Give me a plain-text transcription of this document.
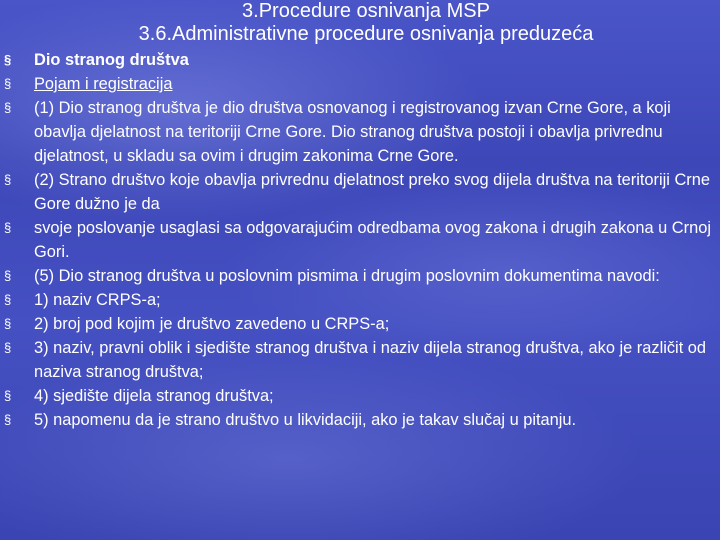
3.Procedure osnivanja MSP
3.6.Administrativne procedure osnivanja preduzeća
§ Dio stranog društva
§ Pojam i registracija
§ (1) Dio stranog društva je dio društva osnovanog i registrovanog izvan Crne Gore, a koji obavlja djelatnost na teritoriji Crne Gore. Dio stranog društva postoji i obavlja privrednu djelatnost, u skladu sa ovim i drugim zakonima Crne Gore.
§ (2) Strano društvo koje obavlja privrednu djelatnost preko svog dijela društva na teritoriji Crne Gore dužno je da
§ svoje poslovanje usaglasi sa odgovarajućim odredbama ovog zakona i drugih zakona u Crnoj Gori.
§ (5) Dio stranog društva u poslovnim pismima i drugim poslovnim dokumentima navodi:
§ 1) naziv CRPS-a;
§ 2) broj pod kojim je društvo zavedeno u CRPS-a;
§ 3) naziv, pravni oblik i sjedište stranog društva i naziv dijela stranog društva, ako je različit od naziva stranog društva;
§ 4) sjedište dijela stranog društva;
§ 5) napomenu da je strano društvo u likvidaciji, ako je takav slučaj u pitanju.
